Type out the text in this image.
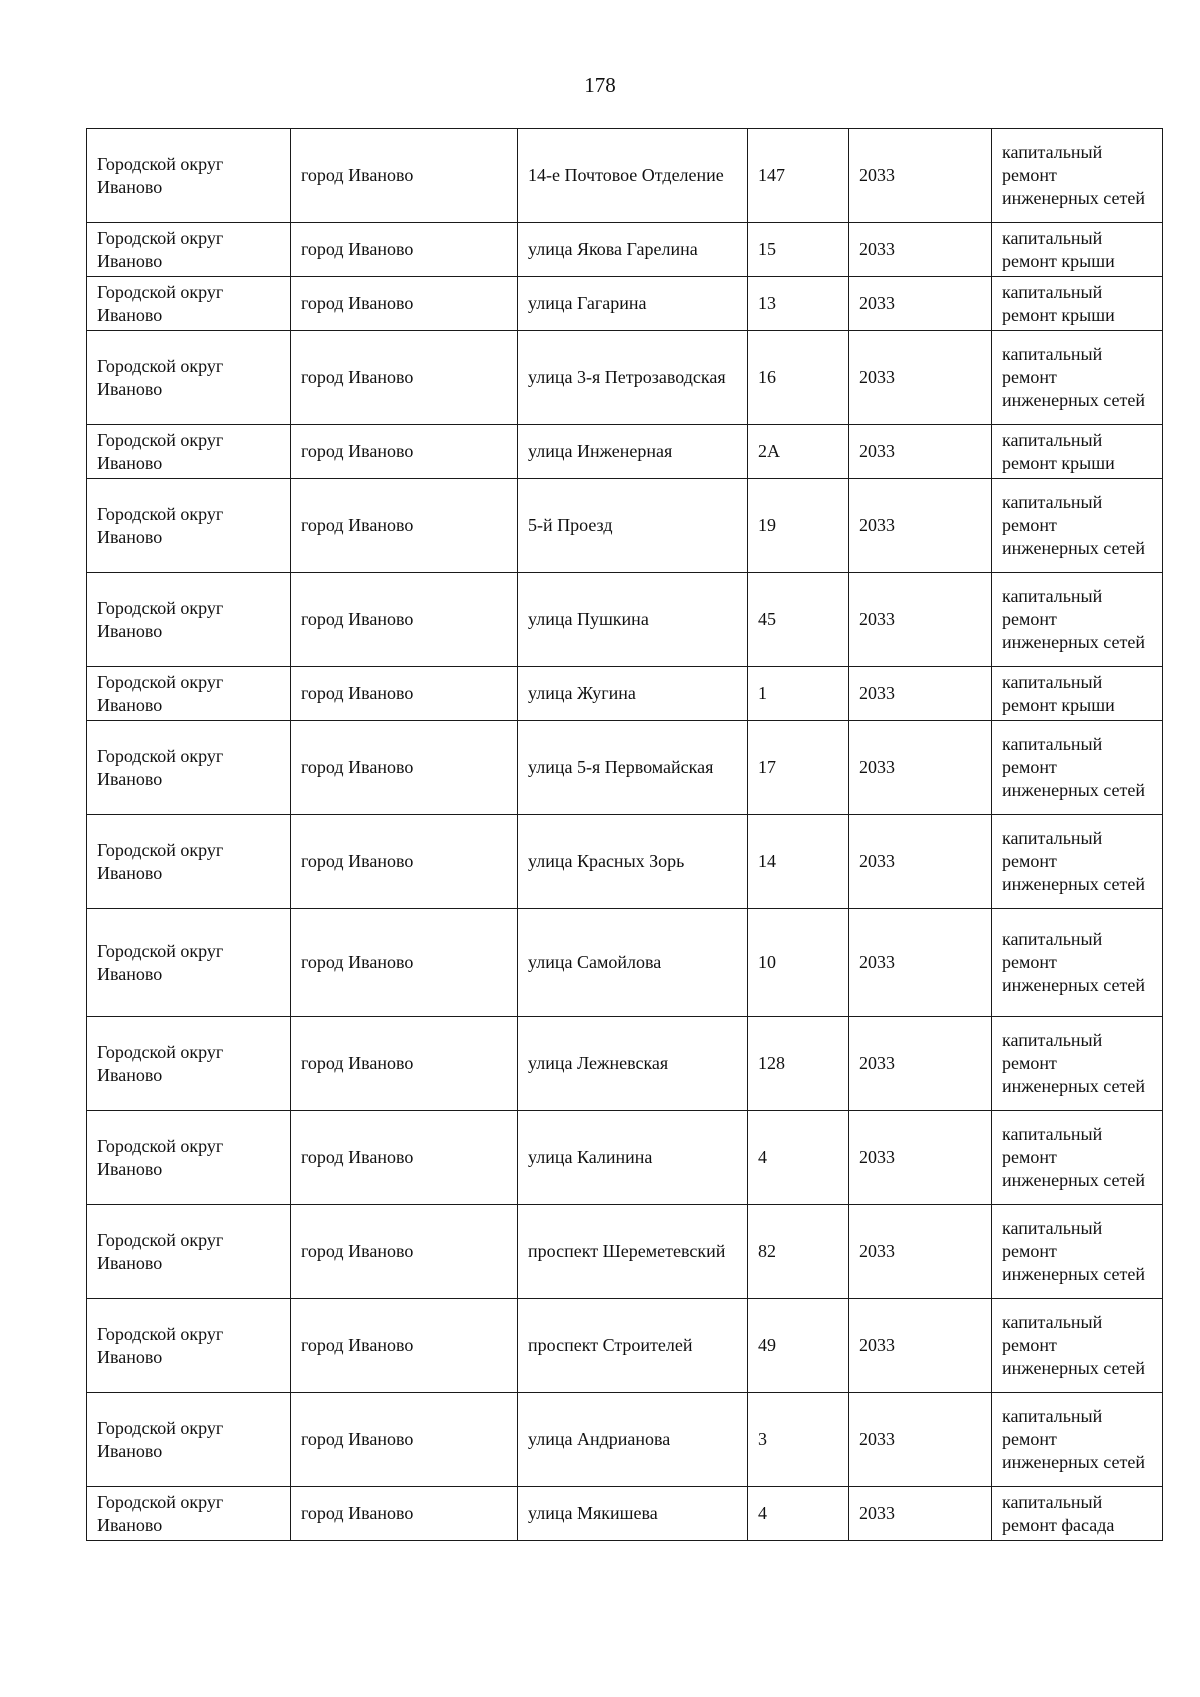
178
Городской округ Иваново	город Иваново	14-е Почтовое Отделение	147	2033	капитальный ремонт инженерных сетей
Городской округ Иваново	город Иваново	улица Якова Гарелина	15	2033	капитальный ремонт крыши
Городской округ Иваново	город Иваново	улица Гагарина	13	2033	капитальный ремонт крыши
Городской округ Иваново	город Иваново	улица 3-я Петрозаводская	16	2033	капитальный ремонт инженерных сетей
Городской округ Иваново	город Иваново	улица Инженерная	2А	2033	капитальный ремонт крыши
Городской округ Иваново	город Иваново	5-й Проезд	19	2033	капитальный ремонт инженерных сетей
Городской округ Иваново	город Иваново	улица Пушкина	45	2033	капитальный ремонт инженерных сетей
Городской округ Иваново	город Иваново	улица Жугина	1	2033	капитальный ремонт крыши
Городской округ Иваново	город Иваново	улица 5-я Первомайская	17	2033	капитальный ремонт инженерных сетей
Городской округ Иваново	город Иваново	улица Красных Зорь	14	2033	капитальный ремонт инженерных сетей
Городской округ Иваново	город Иваново	улица Самойлова	10	2033	капитальный ремонт инженерных сетей
Городской округ Иваново	город Иваново	улица Лежневская	128	2033	капитальный ремонт инженерных сетей
Городской округ Иваново	город Иваново	улица Калинина	4	2033	капитальный ремонт инженерных сетей
Городской округ Иваново	город Иваново	проспект Шереметевский	82	2033	капитальный ремонт инженерных сетей
Городской округ Иваново	город Иваново	проспект Строителей	49	2033	капитальный ремонт инженерных сетей
Городской округ Иваново	город Иваново	улица Андрианова	3	2033	капитальный ремонт инженерных сетей
Городской округ Иваново	город Иваново	улица Мякишева	4	2033	капитальный ремонт фасада
